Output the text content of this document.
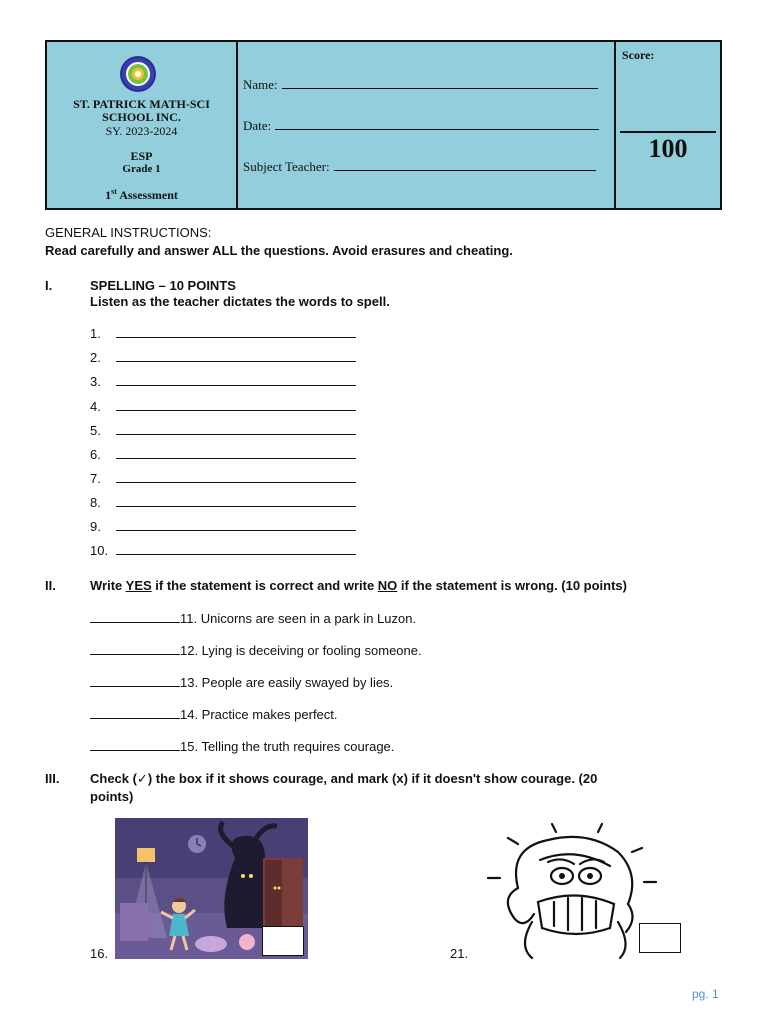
ST. PATRICK MATH-SCI
SCHOOL INC.
SY. 2023-2024
ESP
Grade 1
1st Assessment
Name:
Date:
Subject Teacher:
Score:
100
GENERAL INSTRUCTIONS:
Read carefully and answer ALL the questions. Avoid erasures and cheating.
I.	SPELLING – 10 POINTS
Listen as the teacher dictates the words to spell.
1.
2.
3.
4.
5.
6.
7.
8.
9.
10.
II.	Write YES if the statement is correct and write NO if the statement is wrong. (10 points)
11. Unicorns are seen in a park in Luzon.
12. Lying is deceiving or fooling someone.
13. People are easily swayed by lies.
14. Practice makes perfect.
15. Telling the truth requires courage.
III. Check (✓) the box if it shows courage, and mark (x) if it doesn't show courage. (20
points)
16.	21.
pg. 1
